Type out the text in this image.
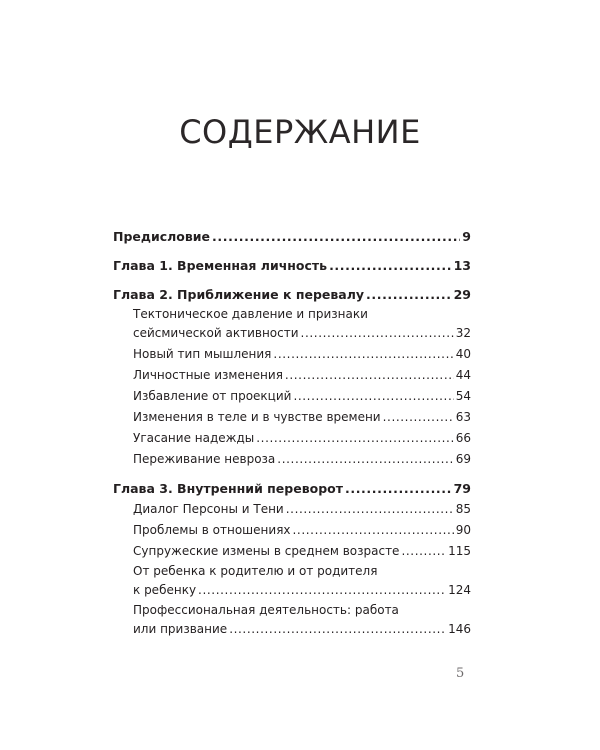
СОДЕРЖАНИЕ
Предисловие .....	9
Глава 1. Временная личность .....	13
Глава 2. Приближение к перевалу .....	29
Тектоническое давление и признаки
сейсмической активности .....	32
Новый тип мышления .....	40
Личностные изменения .....	44
Избавление от проекций .....	54
Изменения в теле и в чувстве времени .....	63
Угасание надежды .....	66
Переживание невроза .....	69
Глава 3. Внутренний переворот .....	79
Диалог Персоны и Тени .....	85
Проблемы в отношениях .....	90
Супружеские измены в среднем возрасте .....	115
От ребенка к родителю и от родителя
к ребенку .....	124
Профессиональная деятельность: работа
или призвание .....	146
5
